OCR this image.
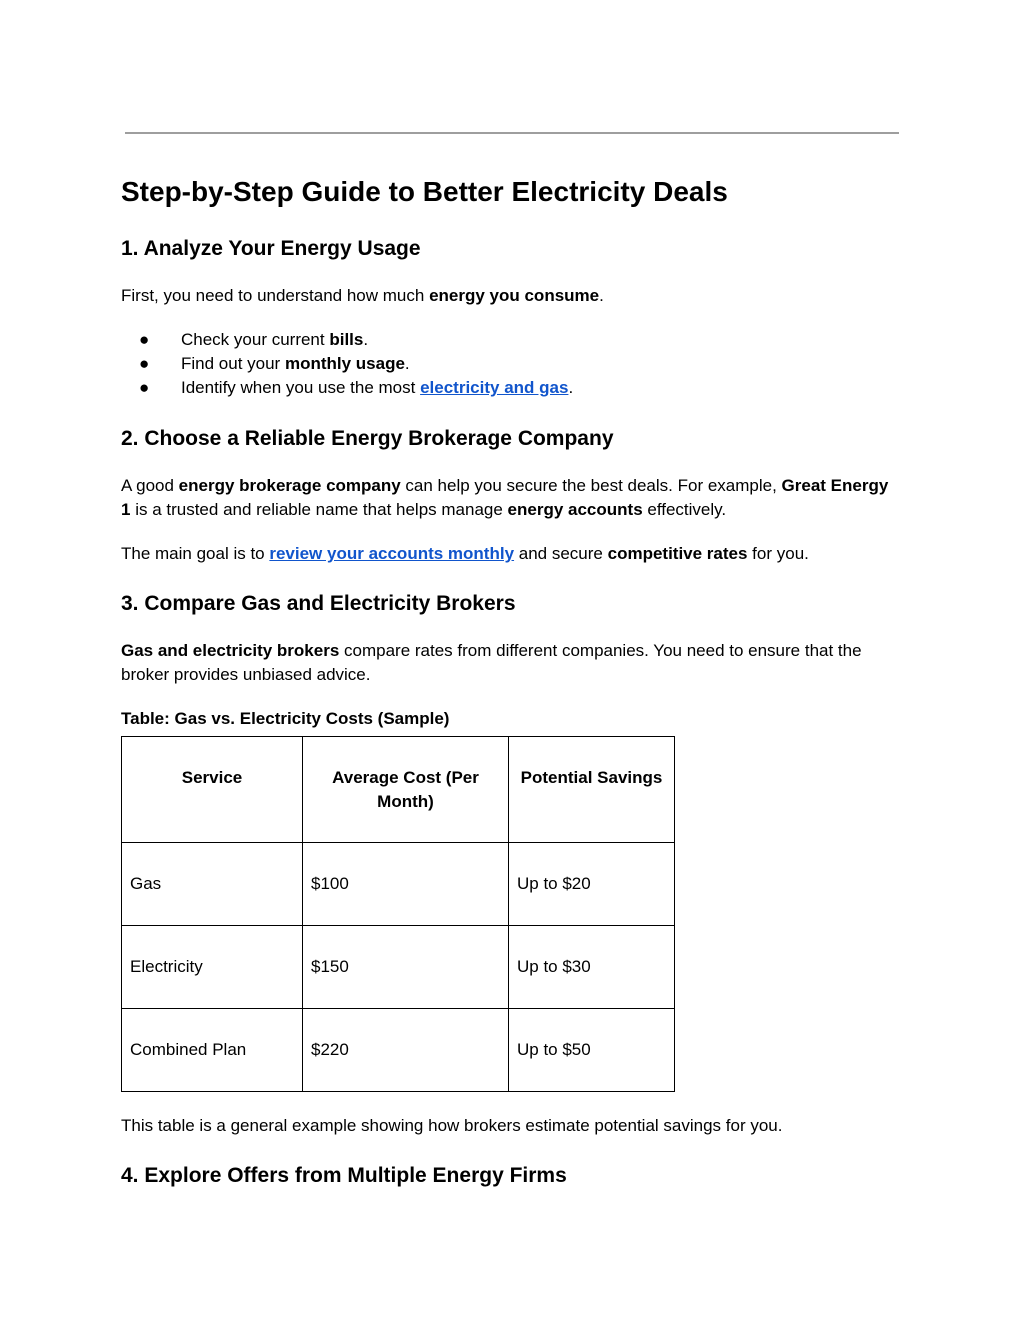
Step-by-Step Guide to Better Electricity Deals
1. Analyze Your Energy Usage

First, you need to understand how much energy you consume.

● Check your current bills.
● Find out your monthly usage.
● Identify when you use the most electricity and gas.
2. Choose a Reliable Energy Brokerage Company

A good energy brokerage company can help you secure the best deals. For example, Great Energy 1 is a trusted and reliable name that helps manage energy accounts effectively.

The main goal is to review your accounts monthly and secure competitive rates for you.

3. Compare Gas and Electricity Brokers

Gas and electricity brokers compare rates from different companies. You need to ensure that the broker provides unbiased advice.

Table: Gas vs. Electricity Costs (Sample)

Service	Average Cost (Per Month)	Potential Savings
Gas	$100	Up to $20
Electricity	$150	Up to $30
Combined Plan	$220	Up to $50

This table is a general example showing how brokers estimate potential savings for you.

4. Explore Offers from Multiple Energy Firms
